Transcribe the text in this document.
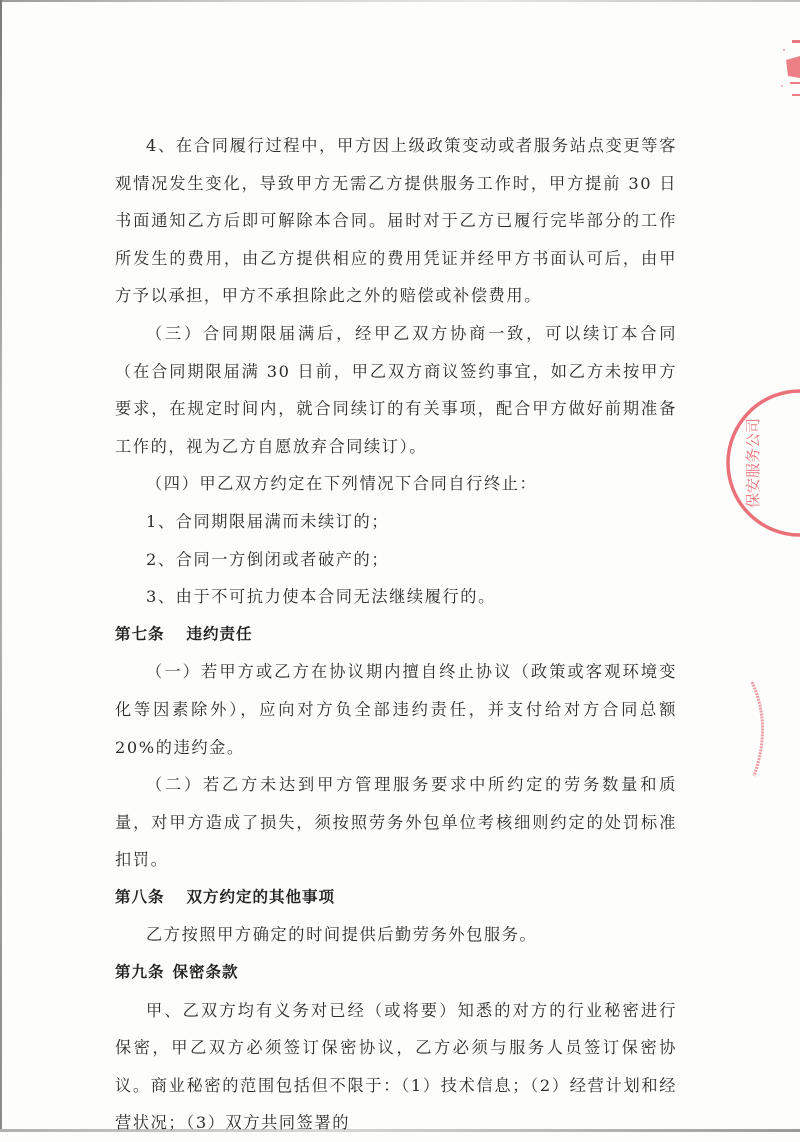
4、在合同履行过程中，甲方因上级政策变动或者服务站点变更等客观情况发生变化，导致甲方无需乙方提供服务工作时，甲方提前 30 日书面通知乙方后即可解除本合同。届时对于乙方已履行完毕部分的工作所发生的费用，由乙方提供相应的费用凭证并经甲方书面认可后，由甲方予以承担，甲方不承担除此之外的赔偿或补偿费用。

（三）合同期限届满后，经甲乙双方协商一致，可以续订本合同（在合同期限届满 30 日前，甲乙双方商议签约事宜，如乙方未按甲方要求，在规定时间内，就合同续订的有关事项，配合甲方做好前期准备工作的，视为乙方自愿放弃合同续订）。

（四）甲乙双方约定在下列情况下合同自行终止：

1、合同期限届满而未续订的；

2、合同一方倒闭或者破产的；

3、由于不可抗力使本合同无法继续履行的。

第七条 违约责任

（一）若甲方或乙方在协议期内擅自终止协议（政策或客观环境变化等因素除外），应向对方负全部违约责任，并支付给对方合同总额 20%的违约金。

（二）若乙方未达到甲方管理服务要求中所约定的劳务数量和质量，对甲方造成了损失，须按照劳务外包单位考核细则约定的处罚标准扣罚。

第八条 双方约定的其他事项

乙方按照甲方确定的时间提供后勤劳务外包服务。

第九条 保密条款

甲、乙双方均有义务对已经（或将要）知悉的对方的行业秘密进行保密，甲乙双方必须签订保密协议，乙方必须与服务人员签订保密协议。商业秘密的范围包括但不限于：（1）技术信息；（2）经营计划和经营状况；（3）双方共同签署的

保安服务公司
